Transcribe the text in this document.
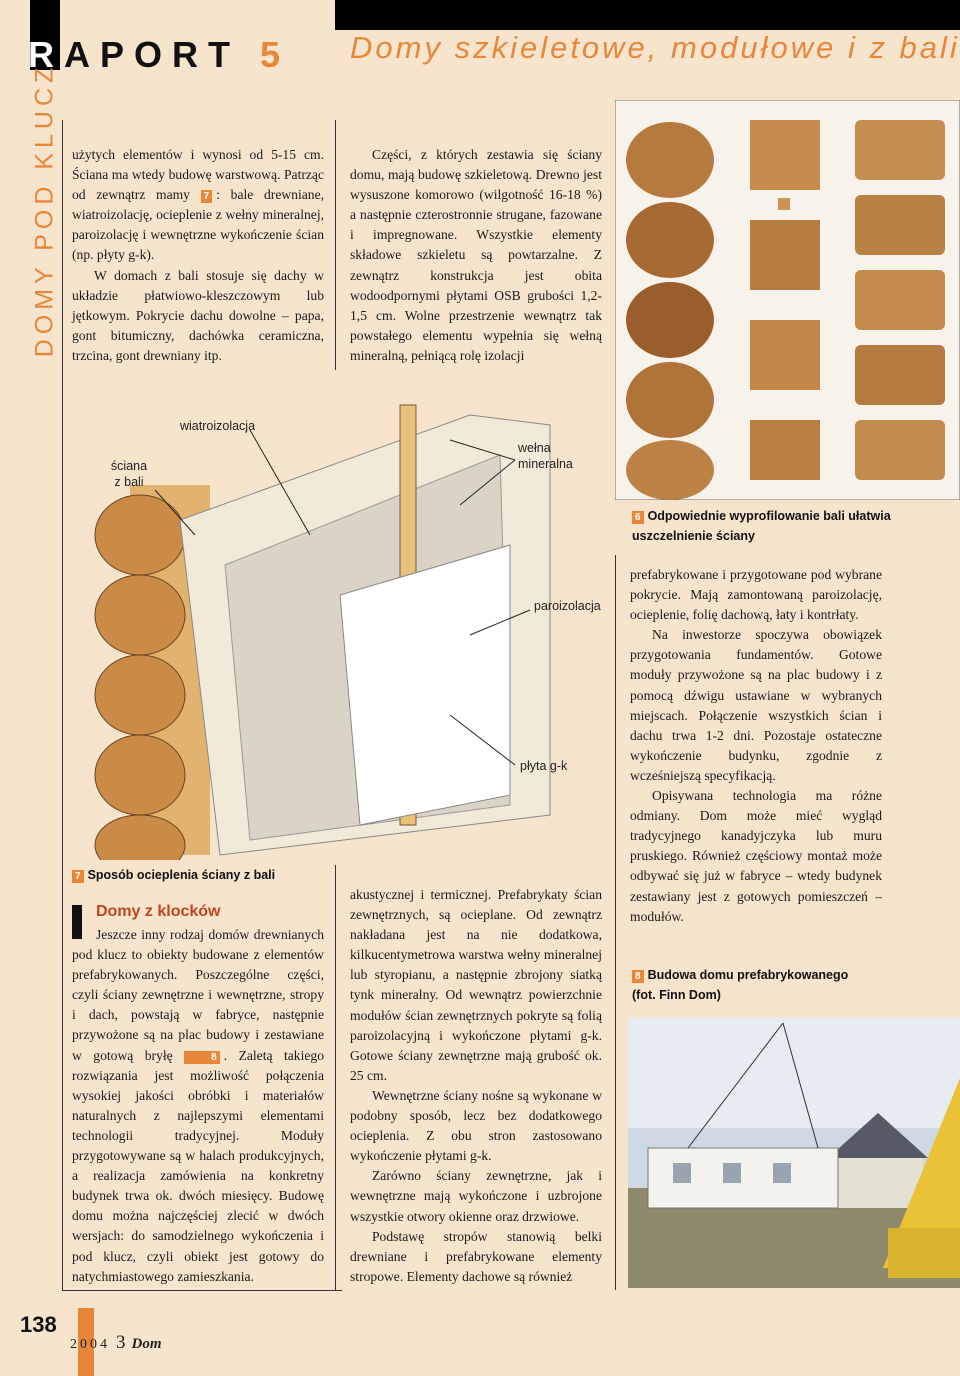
RAPORT 5 Domy szkieletowe, modułowe i z bali
DOMY POD KLUCZ użytych elementów i wynosi od 5-15 cm. Ściana ma wtedy budowę warstwową. Patrząc od zewnątrz mamy 7 : bale drewniane, wiatroizolację, ocieplenie z wełny mineralnej, paroizolację i wewnętrzne wykończenie ścian (np. płyty g-k).

W domach z bali stosuje się dachy w układzie płatwiowo-kleszczowym lub jętkowym. Pokrycie dachu dowolne – papa, gont bitumiczny, dachówka ceramiczna, trzcina, gont drewniany itp.

Części, z których zestawia się ściany domu, mają budowę szkieletową. Drewno jest wysuszone komorowo (wilgotność 16-18 %) a następnie czterostronnie strugane, fazowane i impregnowane. Wszystkie elementy składowe szkieletu są powtarzalne. Z zewnątrz konstrukcja jest obita wodoodpornymi płytami OSB grubości 1,2-1,5 cm. Wolne przestrzenie wewnątrz tak powstałego elementu wypełnia się wełną mineralną, pełniącą rolę izolacji

6 Odpowiednie wyprofilowanie bali ułatwia uszczelnienie ściany
ściana z bali
wiatroizolacja
wełna mineralna
paroizolacja
płyta g-k
7 Sposób ocieplenia ściany z bali
Domy z klocków

Jeszcze inny rodzaj domów drewnianych pod klucz to obiekty budowane z elementów prefabrykowanych. Poszczególne części, czyli ściany zewnętrzne i wewnętrzne, stropy i dach, powstają w fabryce, następnie przywożone są na plac budowy i zestawiane w gotową bryłę	8 . Zaletą takiego rozwiązania jest możliwość połączenia wysokiej jakości obróbki i materiałów naturalnych z najlepszymi elementami technologii tradycyjnej. Moduły przygotowywane są w halach produkcyjnych, a realizacja zamówienia na konkretny budynek trwa ok. dwóch miesięcy. Budowę domu można najczęściej zlecić w dwóch wersjach: do samodzielnego wykończenia i pod klucz, czyli obiekt jest gotowy do natychmiastowego zamieszkania.

akustycznej i termicznej. Prefabrykaty ścian zewnętrznych, są ocieplane. Od zewnątrz nakładana jest na nie dodatkowa, kilkucentymetrowa warstwa wełny mineralnej lub styropianu, a następnie zbrojony siatką tynk mineralny. Od wewnątrz powierzchnie modułów ścian zewnętrznych pokryte są folią paroizolacyjną i wykończone płytami g-k. Gotowe ściany zewnętrzne mają grubość ok. 25 cm.

Wewnętrzne ściany nośne są wykonane w podobny sposób, lecz bez dodatkowego ocieplenia. Z obu stron zastosowano wykończenie płytami g-k.

Zarówno ściany zewnętrzne, jak i wewnętrzne mają wykończone i uzbrojone wszystkie otwory okienne oraz drzwiowe.

Podstawę stropów stanowią belki drewniane i prefabrykowane elementy stropowe. Elementy dachowe są również

prefabrykowane i przygotowane pod wybrane pokrycie. Mają zamontowaną paroizolację, ocieplenie, folię dachową, łaty i kontrłaty.

Na inwestorze spoczywa obowiązek przygotowania fundamentów. Gotowe moduły przywożone są na plac budowy i z pomocą dźwigu ustawiane w wybranych miejscach. Połączenie wszystkich ścian i dachu trwa 1-2 dni. Pozostaje ostateczne wykończenie budynku, zgodnie z wcześniejszą specyfikacją.

Opisywana technologia ma różne odmiany. Dom może mieć wygląd tradycyjnego kanadyjczyka lub muru pruskiego. Również częściowy montaż może odbywać się już w fabryce – wtedy budynek zestawiany jest z gotowych pomieszczeń – modułów.

8 Budowa domu prefabrykowanego
(fot. Finn Dom)
138
2004 3 Dom
